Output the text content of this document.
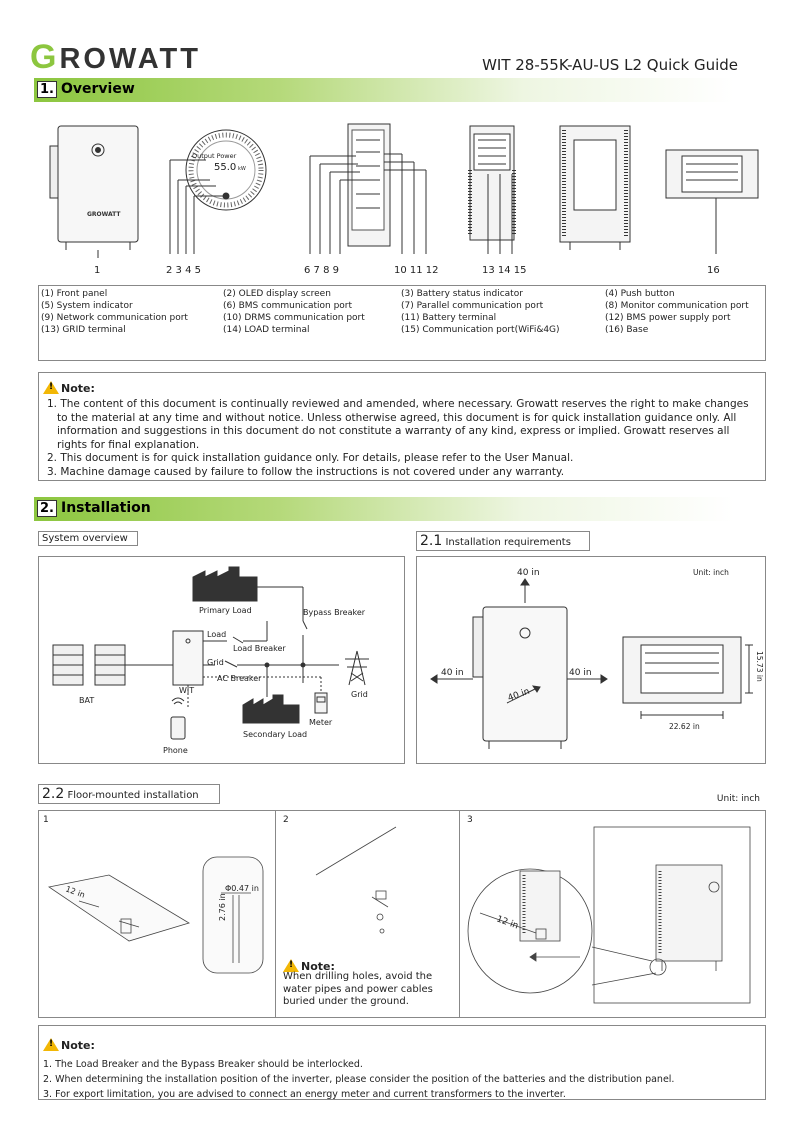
GROWATT	WIT 28-55K-AU-US L2 Quick Guide
1. Overview
GROWATT
Output Power
55.0 kW
1	2 3 4 5	6 7 8 9	10 11 12	13 14 15	16
(1) Front panel	(2) OLED display screen	(3) Battery status indicator	(4) Push button
(5) System indicator	(6) BMS communication port	(7) Parallel communication port	(8) Monitor communication port
(9) Network communication port	(10) DRMS communication port	(11) Battery terminal	(12) BMS power supply port
(13) GRID terminal	(14) LOAD terminal	(15) Communication port(WiFi&4G)	(16) Base
!Note:
1. The content of this document is continually reviewed and amended, where necessary. Growatt reserves the right to make changes to the material at any time and without notice. Unless otherwise agreed, this document is for quick installation guidance only. All information and suggestions in this document do not constitute a warranty of any kind, express or implied. Growatt reserves all rights for final explanation.
2. This document is for quick installation guidance only. For details, please refer to the User Manual.
3. Machine damage caused by failure to follow the instructions is not covered under any warranty.
2. Installation
System overview
Primary Load	Bypass Breaker
Load
Load Breaker
Grid
AC Breaker
WIT
BAT
Phone
Meter
Secondary Load
Grid
2.1 Installation requirements
40 in
40 in	40 in
40 in
Unit: inch
22.62 in
15.73 in
2.2 Floor-mounted installation	Unit: inch
1	2	3
12 in	Φ0.47 in
2.76 in
!Note:
When drilling holes, avoid the water pipes and power cables buried under the ground.
12 in
!Note:
1. The Load Breaker and the Bypass Breaker should be interlocked.
2. When determining the installation position of the inverter, please consider the position of the batteries and the distribution panel.
3. For export limitation, you are advised to connect an energy meter and current transformers to the inverter.
